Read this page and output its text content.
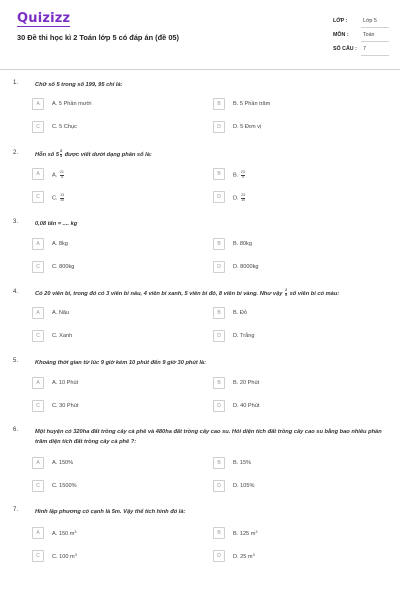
Quizizz
30 Đề thi học kì 2 Toán lớp 5 có đáp án (đề 05)
LỚP :	Lớp 5
MÔN :	Toán
SỐ CÂU : 7
1.	Chữ số 5 trong số 199, 95 chỉ là:
A	A. 5 Phần mười	B	B. 5 Phần trăm
C	C. 5 Chục	D	D. 5 Đơn vị
2.	Hỗn số $5 \frac{3}{4}$ được viết dưới dạng phân số là:
A	A. $\frac{21}{4}$	B	B. $\frac{23}{4}$
C	C. $\frac{13}{10}$	D	D. $\frac{23}{10}$
3.	0,08 tấn = .... kg
A	A. 8kg	B	B. 80kg
C	C. 800kg	D	D. 8000kg
4.	Có 20 viên bi, trong đó có 3 viên bi nâu, 4 viên bi xanh, 5 viên bi đỏ, 8 viên bi vàng. Như vậy $\frac{1}{5}$ số viên bi có màu:
A	A. Nâu	B	B. Đỏ
C	C. Xanh	D	D. Trắng
5.	Khoảng thời gian từ lúc 9 giờ kém 10 phút đến 9 giờ 30 phút là:
A	A. 10 Phút	B	B. 20 Phút
C	C. 30 Phút	D	D. 40 Phút
6.	Một huyện có 320ha đất trồng cây cà phê và 480ha đất trồng cây cao su. Hỏi diện tích đất trồng cây cao su bằng bao nhiêu phần trăm diện tích đất trồng cây cà phê ?:
A	A. 150%	B	B. 15%
C	C. 1500%	D	D. 105%
7.	Hình lập phương có cạnh là 5m. Vậy thể tích hình đó là:
A	A. 150 $m^3$	B	B. 125 $m^3$
C	C. 100 $m^3$	D	D. 25 $m^3$
